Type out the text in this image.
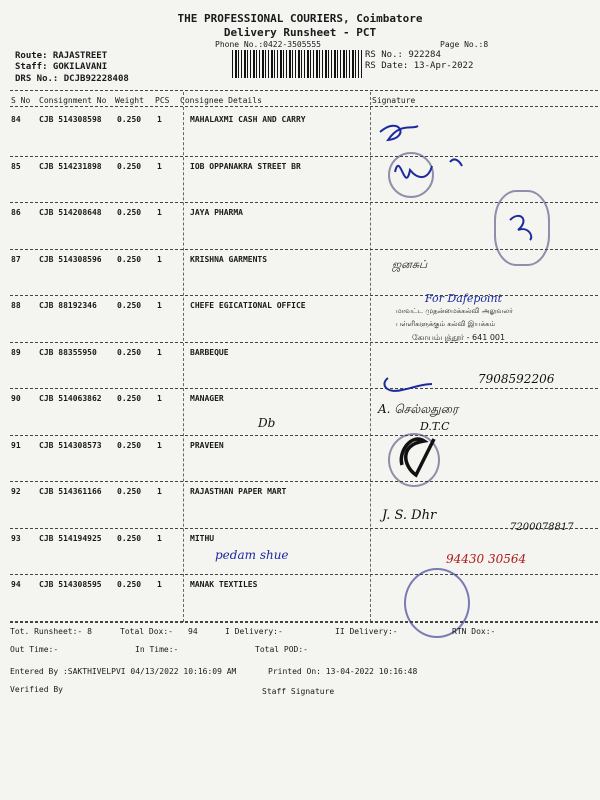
THE PROFESSIONAL COURIERS, Coimbatore
Delivery Runsheet - PCT
Phone No.:0422-3505555	Page No.:8
Route: RAJASTREET
Staff: GOKILAVANI
DRS No.: DCJB92228408
RS No.: 922284
RS Date: 13-Apr-2022
S No Consignment No Weight PCS Consignee Details	Signature
84 CJB 514308598 0.250 1	MAHALAXMI CASH AND CARRY
85 CJB 514231898 0.250 1	IOB OPPANAKRA STREET BR
86 CJB 514208648 0.250 1	JAYA PHARMA
87 CJB 514308596 0.250 1	KRISHNA GARMENTS
88 CJB 88192346	0.250 1	CHEFE EGICATIONAL OFFICE
89 CJB 88355950	0.250 1	BARBEQUE
90 CJB 514063862 0.250 1	MANAGER
91 CJB 514308573 0.250 1	PRAVEEN
92 CJB 514361166 0.250 1	RAJASTHAN PAPER MART
93 CJB 514194925 0.250 1	MITHU
94 CJB 514308595 0.250 1	MANAK TEXTILES
ஜனசுப்
For Dafepoint
மாவட்ட முதன்மைக்கல்வி அலுவலர்
பள்ளிகளுக்கும் கல்வி இயக்கம்
கோயம்புத்தூர் - 641 001
7908592206
Db
A. செல்லதுரை
D.T.C
J. S. Dhr
7200078817
pedam shue	94430 30564
Tot. Runsheet:- 8	Total Dox:- 94	I Delivery:-	II Delivery:-	RTN Dox:-
Out Time:-	In Time:-	Total POD:-
Entered By :SAKTHIVELPVI 04/13/2022 10:16:09 AM	Printed On: 13-04-2022 10:16:48
Verified By	Staff Signature
